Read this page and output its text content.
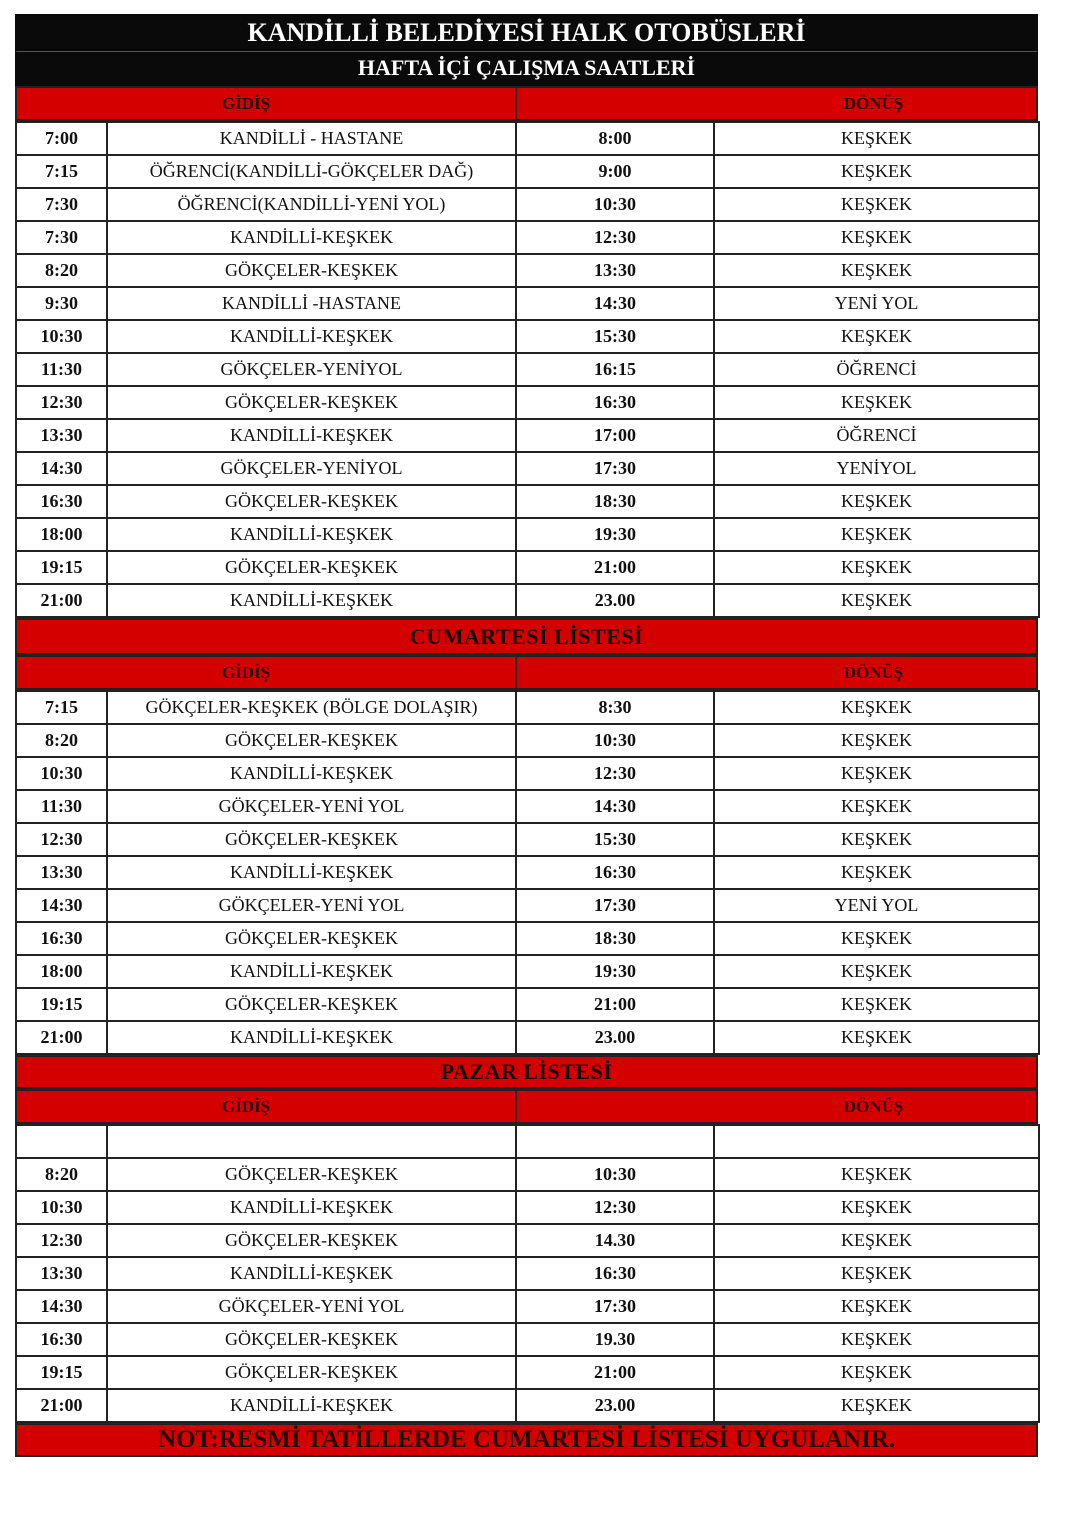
KANDİLLİ BELEDİYESİ HALK OTOBÜSLERİ
HAFTA İÇİ ÇALIŞMA SAATLERİ
GİDİŞ	DÖNÜŞ
7:00	KANDİLLİ - HASTANE	8:00	KEŞKEK
7:15	ÖĞRENCİ(KANDİLLİ-GÖKÇELER DAĞ)	9:00	KEŞKEK
7:30	ÖĞRENCİ(KANDİLLİ-YENİ YOL)	10:30	KEŞKEK
7:30	KANDİLLİ-KEŞKEK	12:30	KEŞKEK
8:20	GÖKÇELER-KEŞKEK	13:30	KEŞKEK
9:30	KANDİLLİ -HASTANE	14:30	YENİ YOL
10:30	KANDİLLİ-KEŞKEK	15:30	KEŞKEK
11:30	GÖKÇELER-YENİYOL	16:15	ÖĞRENCİ
12:30	GÖKÇELER-KEŞKEK	16:30	KEŞKEK
13:30	KANDİLLİ-KEŞKEK	17:00	ÖĞRENCİ
14:30	GÖKÇELER-YENİYOL	17:30	YENİYOL
16:30	GÖKÇELER-KEŞKEK	18:30	KEŞKEK
18:00	KANDİLLİ-KEŞKEK	19:30	KEŞKEK
19:15	GÖKÇELER-KEŞKEK	21:00	KEŞKEK
21:00	KANDİLLİ-KEŞKEK	23.00	KEŞKEK
CUMARTESİ LİSTESİ
GİDİŞ	DÖNÜŞ
7:15	GÖKÇELER-KEŞKEK (BÖLGE DOLAŞIR)	8:30	KEŞKEK
8:20	GÖKÇELER-KEŞKEK	10:30	KEŞKEK
10:30	KANDİLLİ-KEŞKEK	12:30	KEŞKEK
11:30	GÖKÇELER-YENİ YOL	14:30	KEŞKEK
12:30	GÖKÇELER-KEŞKEK	15:30	KEŞKEK
13:30	KANDİLLİ-KEŞKEK	16:30	KEŞKEK
14:30	GÖKÇELER-YENİ YOL	17:30	YENİ YOL
16:30	GÖKÇELER-KEŞKEK	18:30	KEŞKEK
18:00	KANDİLLİ-KEŞKEK	19:30	KEŞKEK
19:15	GÖKÇELER-KEŞKEK	21:00	KEŞKEK
21:00	KANDİLLİ-KEŞKEK	23.00	KEŞKEK
PAZAR LİSTESİ
GİDİŞ	DÖNÜŞ

8:20	GÖKÇELER-KEŞKEK	10:30	KEŞKEK
10:30	KANDİLLİ-KEŞKEK	12:30	KEŞKEK
12:30	GÖKÇELER-KEŞKEK	14.30	KEŞKEK
13:30	KANDİLLİ-KEŞKEK	16:30	KEŞKEK
14:30	GÖKÇELER-YENİ YOL	17:30	KEŞKEK
16:30	GÖKÇELER-KEŞKEK	19.30	KEŞKEK
19:15	GÖKÇELER-KEŞKEK	21:00	KEŞKEK
21:00	KANDİLLİ-KEŞKEK	23.00	KEŞKEK
NOT:RESMİ TATİLLERDE CUMARTESİ LİSTESİ UYGULANIR.
